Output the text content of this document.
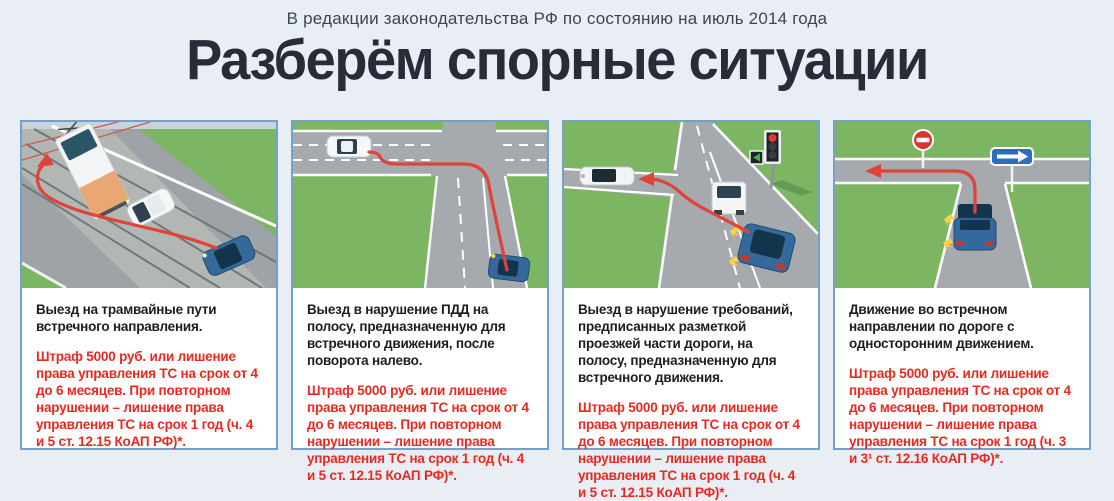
В редакции законодательства РФ по состоянию на июль 2014 года

Разберём спорные ситуации

Выезд на трамвайные пути встречного направления.

Штраф 5000 руб. или лишение права управления ТС на срок от 4 до 6 месяцев. При повторном нарушении – лишение права управления ТС на срок 1 год (ч. 4 и 5 ст. 12.15 КоАП РФ)*.

Выезд в нарушение ПДД на полосу, предназначенную для встречного движения, после поворота налево.

Штраф 5000 руб. или лишение права управления ТС на срок от 4 до 6 месяцев. При повторном нарушении – лишение права управления ТС на срок 1 год (ч. 4 и 5 ст. 12.15 КоАП РФ)*.

Выезд в нарушение требований, предписанных разметкой проезжей части дороги, на полосу, предназначенную для встречного движения.

Штраф 5000 руб. или лишение права управления ТС на срок от 4 до 6 месяцев. При повторном нарушении – лишение права управления ТС на срок 1 год (ч. 4 и 5 ст. 12.15 КоАП РФ)*.

Движение во встречном направлении по дороге с односторонним движением.

Штраф 5000 руб. или лишение права управления ТС на срок от 4 до 6 месяцев. При повторном нарушении – лишение права управления ТС на срок 1 год (ч. 3 и 3¹ ст. 12.16 КоАП РФ)*.
